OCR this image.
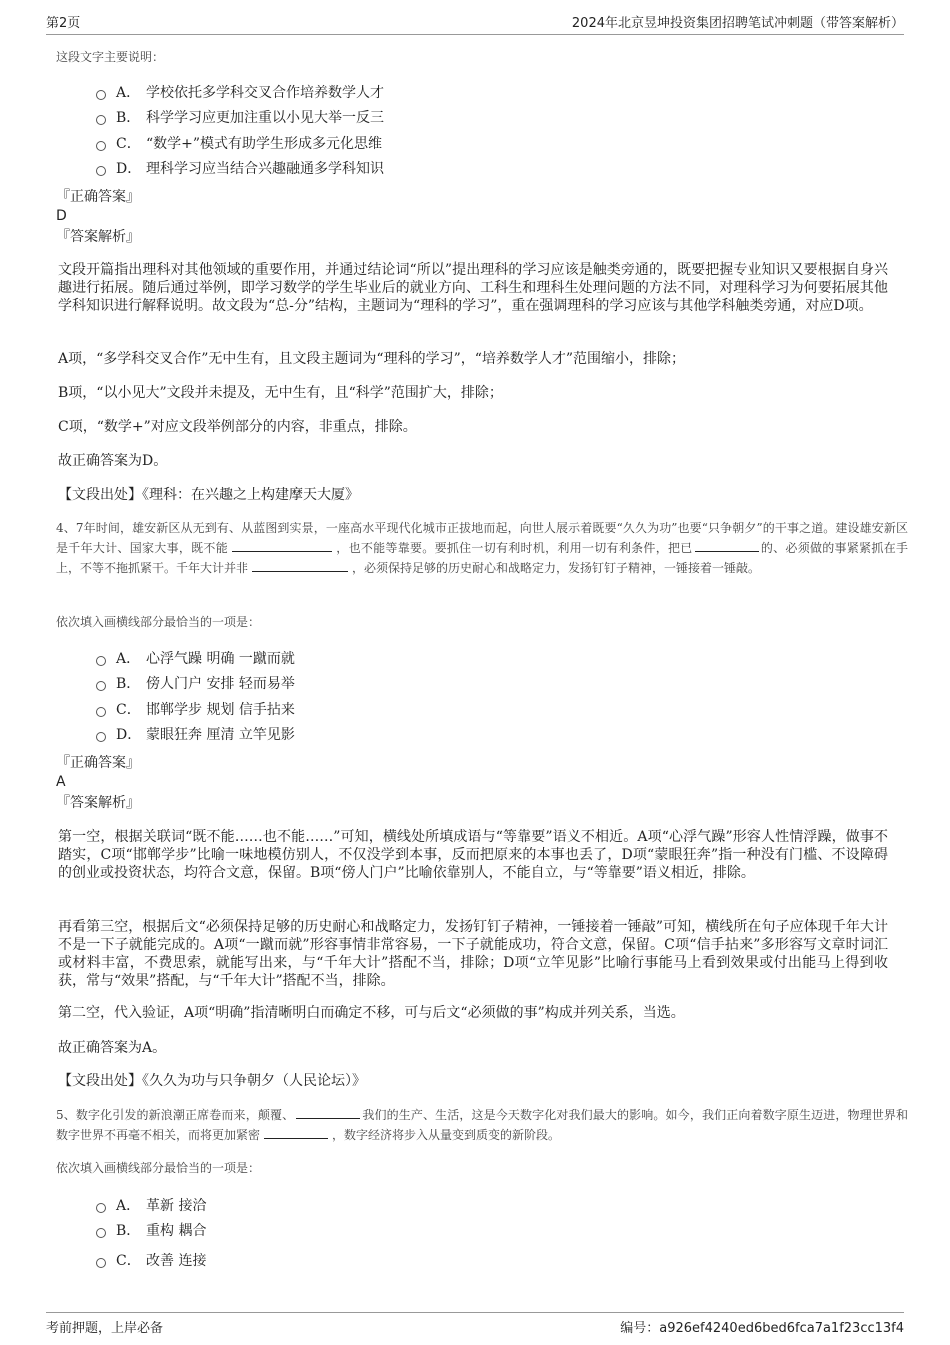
第2页	2024年北京昱坤投资集团招聘笔试冲刺题（带答案解析）
这段文字主要说明：
A． 学校依托多学科交叉合作培养数学人才
B． 科学学习应更加注重以小见大举一反三
C． “数学+”模式有助学生形成多元化思维
D． 理科学习应当结合兴趣融通多学科知识
『正确答案』
D
『答案解析』
文段开篇指出理科对其他领域的重要作用，并通过结论词“所以”提出理科的学习应该是触类旁通的，既要把握专业知识又要根据自身兴趣进行拓展。随后通过举例，即学习数学的学生毕业后的就业方向、工科生和理科生处理问题的方法不同，对理科学习为何要拓展其他学科知识进行解释说明。故文段为“总-分”结构，主题词为“理科的学习”，重在强调理科的学习应该与其他学科触类旁通，对应D项。
A项，“多学科交叉合作”无中生有，且文段主题词为“理科的学习”，“培养数学人才”范围缩小，排除；
B项，“以小见大”文段并未提及，无中生有，且“科学”范围扩大，排除；
C项，“数学+”对应文段举例部分的内容，非重点，排除。
故正确答案为D。
【文段出处】《理科：在兴趣之上构建摩天大厦》
4、7年时间，雄安新区从无到有、从蓝图到实景，一座高水平现代化城市正拔地而起，向世人展示着既要“久久为功”也要“只争朝夕”的干事之道。建设雄安新区是千年大计、国家大事，既不能	，也不能等靠要。要抓住一切有利时机，利用一切有利条件，把已	的、必须做的事紧紧抓在手上，不等不拖抓紧干。千年大计并非	，必须保持足够的历史耐心和战略定力，发扬钉钉子精神，一锤接着一锤敲。
依次填入画横线部分最恰当的一项是：
A． 心浮气躁 明确 一蹴而就
B． 傍人门户 安排 轻而易举
C． 邯郸学步 规划 信手拈来
D． 蒙眼狂奔 厘清 立竿见影
『正确答案』
A
『答案解析』
第一空，根据关联词“既不能……也不能……”可知，横线处所填成语与“等靠要”语义不相近。A项“心浮气躁”形容人性情浮躁，做事不踏实，C项“邯郸学步”比喻一味地模仿别人，不仅没学到本事，反而把原来的本事也丢了，D项“蒙眼狂奔”指一种没有门槛、不设障碍的创业或投资状态，均符合文意，保留。B项“傍人门户”比喻依靠别人，不能自立，与“等靠要”语义相近，排除。
再看第三空，根据后文“必须保持足够的历史耐心和战略定力，发扬钉钉子精神，一锤接着一锤敲”可知，横线所在句子应体现千年大计不是一下子就能完成的。A项“一蹴而就”形容事情非常容易，一下子就能成功，符合文意，保留。C项“信手拈来”多形容写文章时词汇或材料丰富，不费思索，就能写出来，与“千年大计”搭配不当，排除；D项“立竿见影”比喻行事能马上看到效果或付出能马上得到收获，常与“效果”搭配，与“千年大计”搭配不当，排除。
第二空，代入验证，A项“明确”指清晰明白而确定不移，可与后文“必须做的事”构成并列关系，当选。
故正确答案为A。
【文段出处】《久久为功与只争朝夕（人民论坛）》
5、数字化引发的新浪潮正席卷而来，颠覆、	我们的生产、生活，这是今天数字化对我们最大的影响。如今，我们正向着数字原生迈进，物理世界和数字世界不再毫不相关，而将更加紧密	，数字经济将步入从量变到质变的新阶段。
依次填入画横线部分最恰当的一项是：
A． 革新 接洽
B． 重构 耦合
C． 改善 连接
考前押题，上岸必备	编号：a926ef4240ed6bed6fca7a1f23cc13f4
